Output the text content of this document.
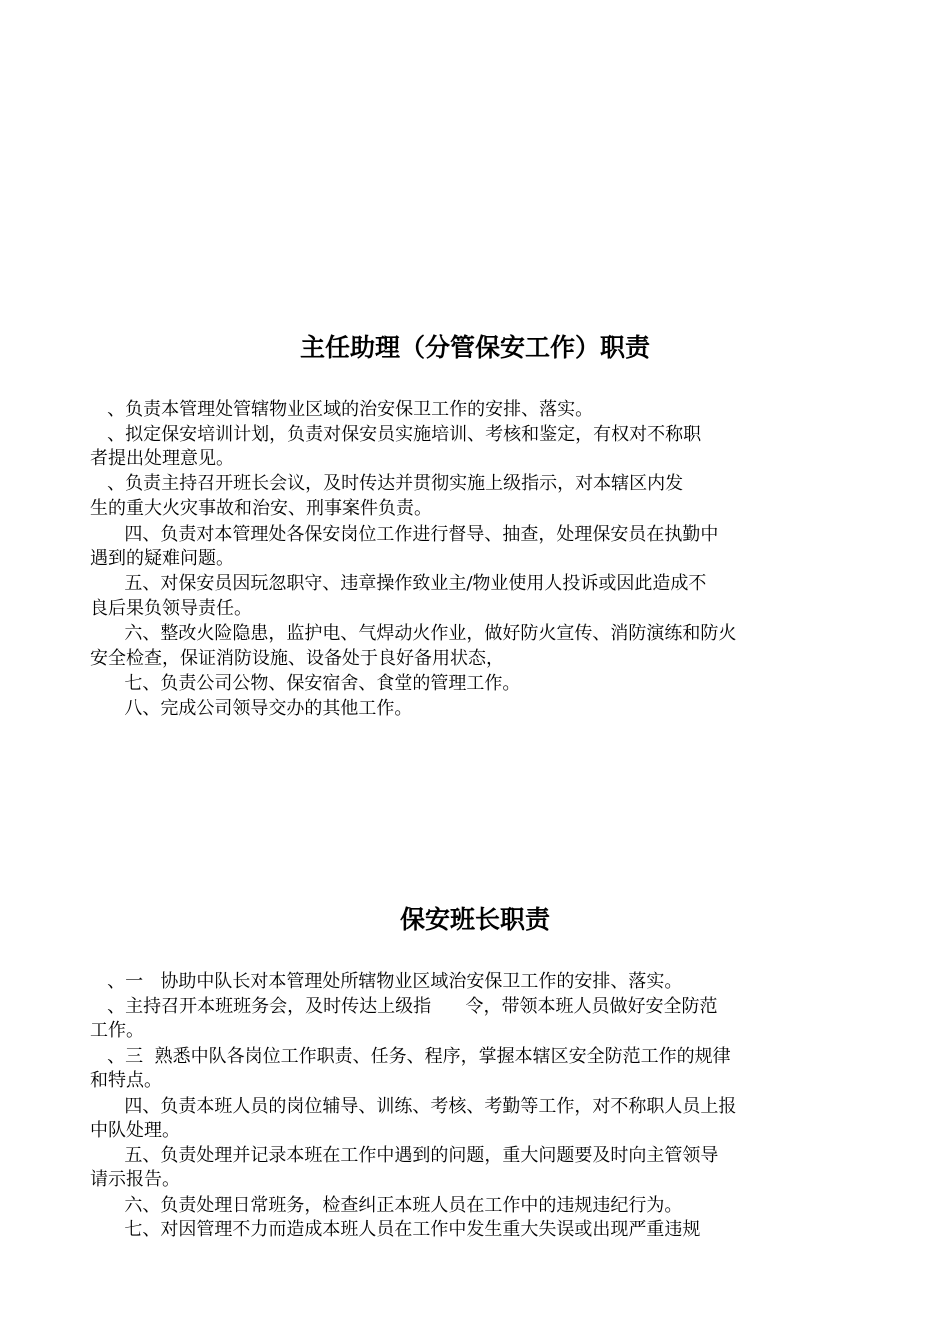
主任助理（分管保安工作）职责
、负责本管理处管辖物业区域的治安保卫工作的安排、落实。
、拟定保安培训计划，负责对保安员实施培训、考核和鉴定，有权对不称职
者提出处理意见。
、负责主持召开班长会议，及时传达并贯彻实施上级指示，对本辖区内发
生的重大火灾事故和治安、刑事案件负责。
四、负责对本管理处各保安岗位工作进行督导、抽查，处理保安员在执勤中
遇到的疑难问题。
五、对保安员因玩忽职守、违章操作致业主/物业使用人投诉或因此造成不
良后果负领导责任。
六、整改火险隐患，监护电、气焊动火作业，做好防火宣传、消防演练和防火
安全检查，保证消防设施、设备处于良好备用状态，
七、负责公司公物、保安宿舍、食堂的管理工作。
八、完成公司领导交办的其他工作。
保安班长职责
、一   协助中队长对本管理处所辖物业区域治安保卫工作的安排、落实。
、主持召开本班班务会，及时传达上级指      令，带领本班人员做好安全防范
工作。
、三  熟悉中队各岗位工作职责、任务、程序，掌握本辖区安全防范工作的规律
和特点。
四、负责本班人员的岗位辅导、训练、考核、考勤等工作，对不称职人员上报
中队处理。
五、负责处理并记录本班在工作中遇到的问题，重大问题要及时向主管领导
请示报告。
六、负责处理日常班务，检查纠正本班人员在工作中的违规违纪行为。
七、对因管理不力而造成本班人员在工作中发生重大失误或出现严重违规
